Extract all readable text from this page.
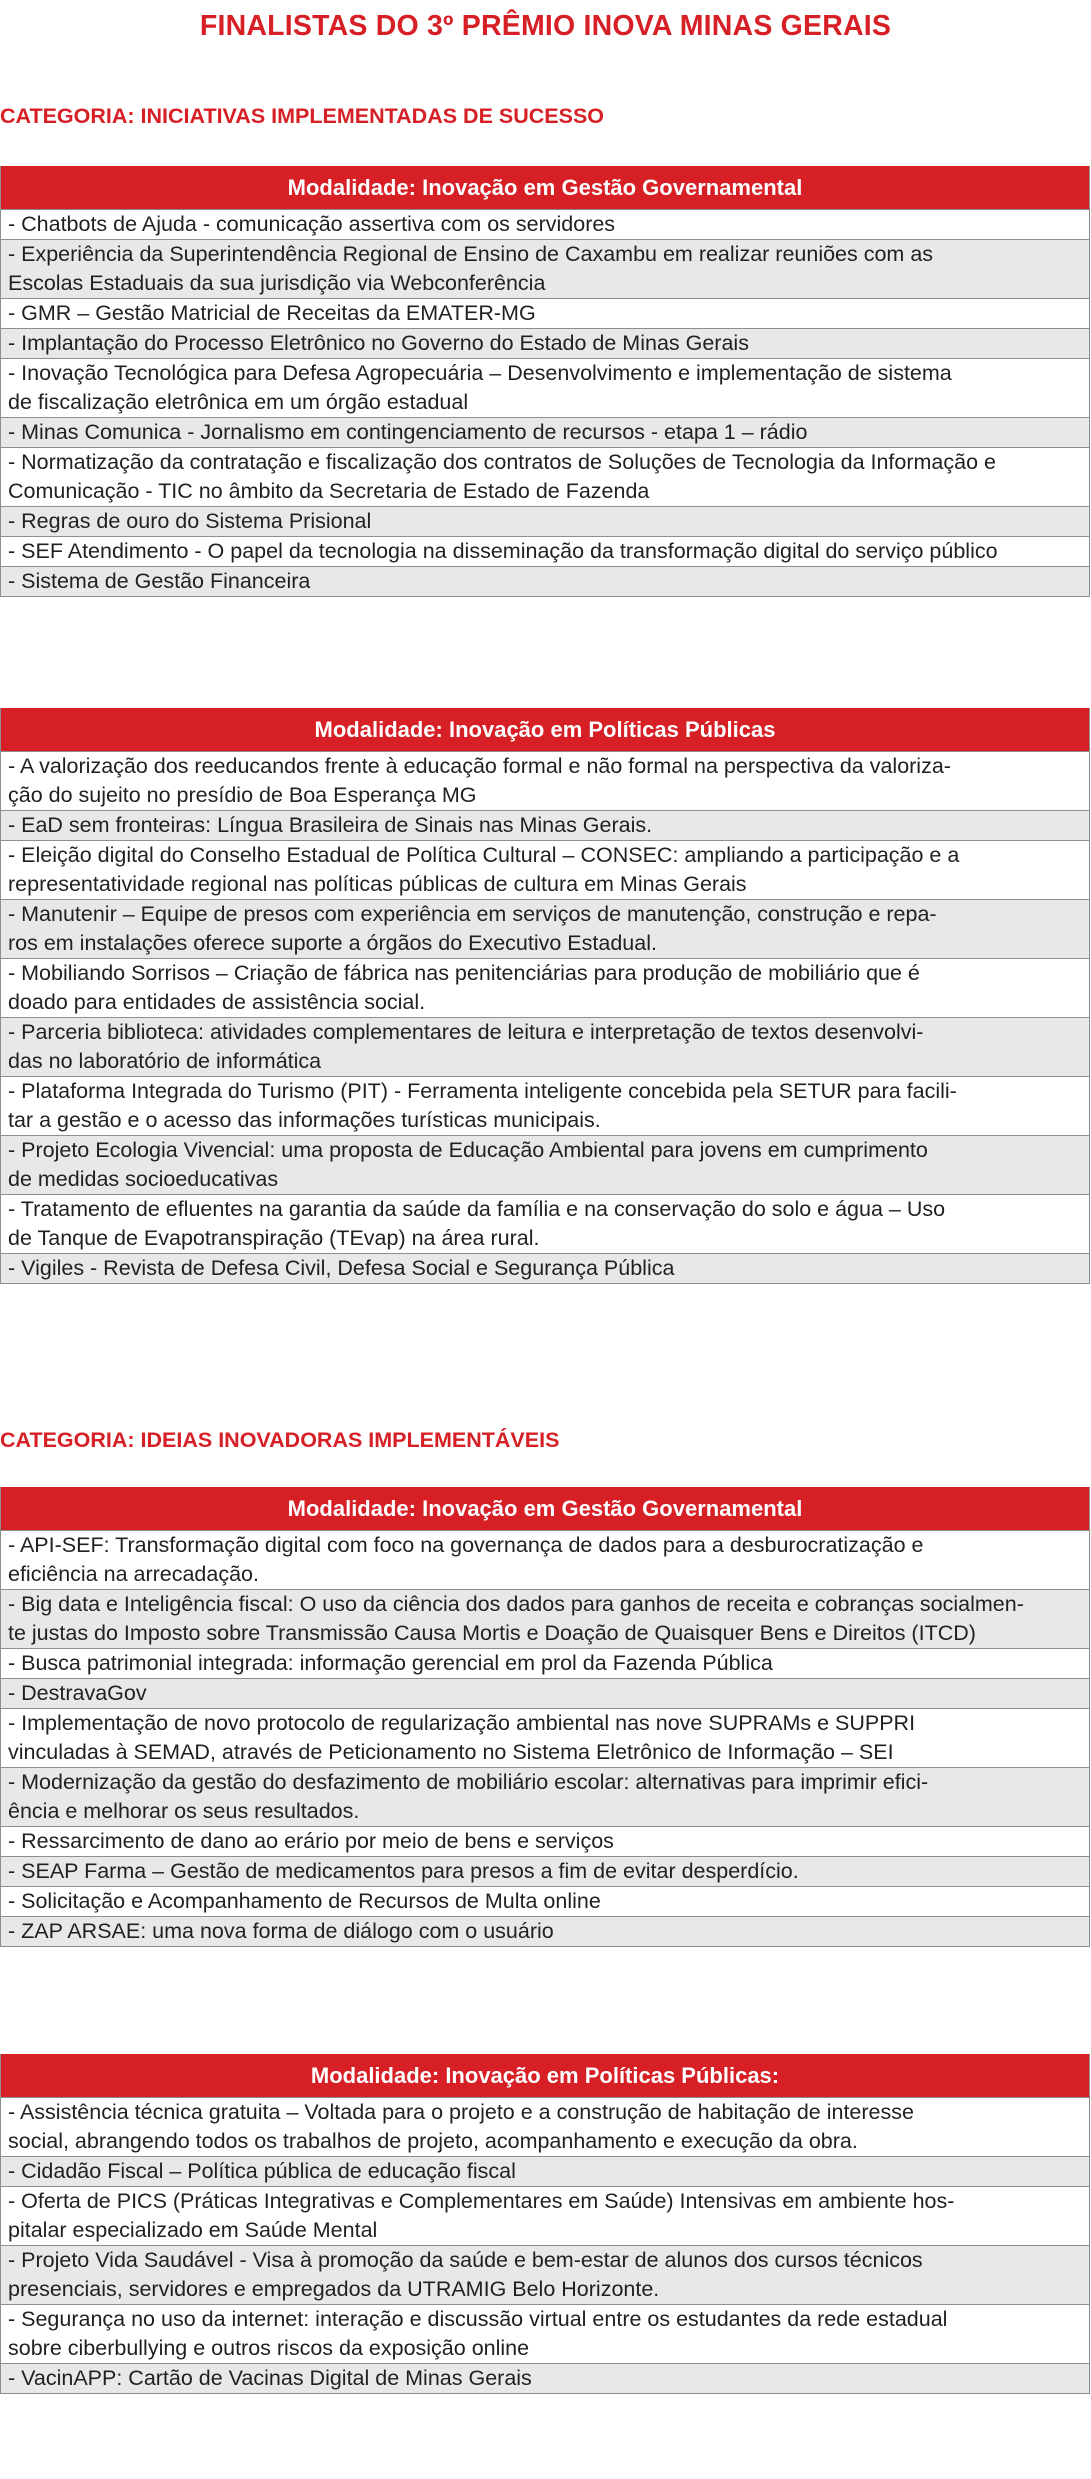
FINALISTAS DO 3º PRÊMIO INOVA MINAS GERAIS
CATEGORIA: INICIATIVAS IMPLEMENTADAS DE SUCESSO
Modalidade: Inovação em Gestão Governamental
- Chatbots de Ajuda - comunicação assertiva com os servidores
- Experiência da Superintendência Regional de Ensino de Caxambu em realizar reuniões com as
Escolas Estaduais da sua jurisdição via Webconferência
- GMR – Gestão Matricial de Receitas da EMATER-MG
- Implantação do Processo Eletrônico no Governo do Estado de Minas Gerais
- Inovação Tecnológica para Defesa Agropecuária – Desenvolvimento e implementação de sistema
de fiscalização eletrônica em um órgão estadual
- Minas Comunica - Jornalismo em contingenciamento de recursos - etapa 1 – rádio
- Normatização da contratação e fiscalização dos contratos de Soluções de Tecnologia da Informação e
Comunicação - TIC no âmbito da Secretaria de Estado de Fazenda
- Regras de ouro do Sistema Prisional
- SEF Atendimento - O papel da tecnologia na disseminação da transformação digital do serviço público
- Sistema de Gestão Financeira
Modalidade: Inovação em Políticas Públicas
- A valorização dos reeducandos frente à educação formal e não formal na perspectiva da valoriza-
ção do sujeito no presídio de Boa Esperança MG
- EaD sem fronteiras: Língua Brasileira de Sinais nas Minas Gerais.
- Eleição digital do Conselho Estadual de Política Cultural – CONSEC: ampliando a participação e a
representatividade regional nas políticas públicas de cultura em Minas Gerais
- Manutenir – Equipe de presos com experiência em serviços de manutenção, construção e repa-
ros em instalações oferece suporte a órgãos do Executivo Estadual.
- Mobiliando Sorrisos – Criação de fábrica nas penitenciárias para produção de mobiliário que é
doado para entidades de assistência social.
- Parceria biblioteca: atividades complementares de leitura e interpretação de textos desenvolvi-
das no laboratório de informática
- Plataforma Integrada do Turismo (PIT) - Ferramenta inteligente concebida pela SETUR para facili-
tar a gestão e o acesso das informações turísticas municipais.
- Projeto Ecologia Vivencial: uma proposta de Educação Ambiental para jovens em cumprimento
de medidas socioeducativas
- Tratamento de efluentes na garantia da saúde da família e na conservação do solo e água – Uso
de Tanque de Evapotranspiração (TEvap) na área rural.
- Vigiles - Revista de Defesa Civil, Defesa Social e Segurança Pública
CATEGORIA: IDEIAS INOVADORAS IMPLEMENTÁVEIS
Modalidade: Inovação em Gestão Governamental
- API-SEF: Transformação digital com foco na governança de dados para a desburocratização e
eficiência na arrecadação.
- Big data e Inteligência fiscal: O uso da ciência dos dados para ganhos de receita e cobranças socialmen-
te justas do Imposto sobre Transmissão Causa Mortis e Doação de Quaisquer Bens e Direitos (ITCD)
- Busca patrimonial integrada: informação gerencial em prol da Fazenda Pública
- DestravaGov
- Implementação de novo protocolo de regularização ambiental nas nove SUPRAMs e SUPPRI
vinculadas à SEMAD, através de Peticionamento no Sistema Eletrônico de Informação – SEI
- Modernização da gestão do desfazimento de mobiliário escolar: alternativas para imprimir efici-
ência e melhorar os seus resultados.
- Ressarcimento de dano ao erário por meio de bens e serviços
- SEAP Farma – Gestão de medicamentos para presos a fim de evitar desperdício.
- Solicitação e Acompanhamento de Recursos de Multa online
- ZAP ARSAE: uma nova forma de diálogo com o usuário
Modalidade: Inovação em Políticas Públicas:
- Assistência técnica gratuita – Voltada para o projeto e a construção de habitação de interesse
social, abrangendo todos os trabalhos de projeto, acompanhamento e execução da obra.
- Cidadão Fiscal – Política pública de educação fiscal
- Oferta de PICS (Práticas Integrativas e Complementares em Saúde) Intensivas em ambiente hos-
pitalar especializado em Saúde Mental
- Projeto Vida Saudável - Visa à promoção da saúde e bem-estar de alunos dos cursos técnicos
presenciais, servidores e empregados da UTRAMIG Belo Horizonte.
- Segurança no uso da internet: interação e discussão virtual entre os estudantes da rede estadual
sobre ciberbullying e outros riscos da exposição online
- VacinAPP: Cartão de Vacinas Digital de Minas Gerais
